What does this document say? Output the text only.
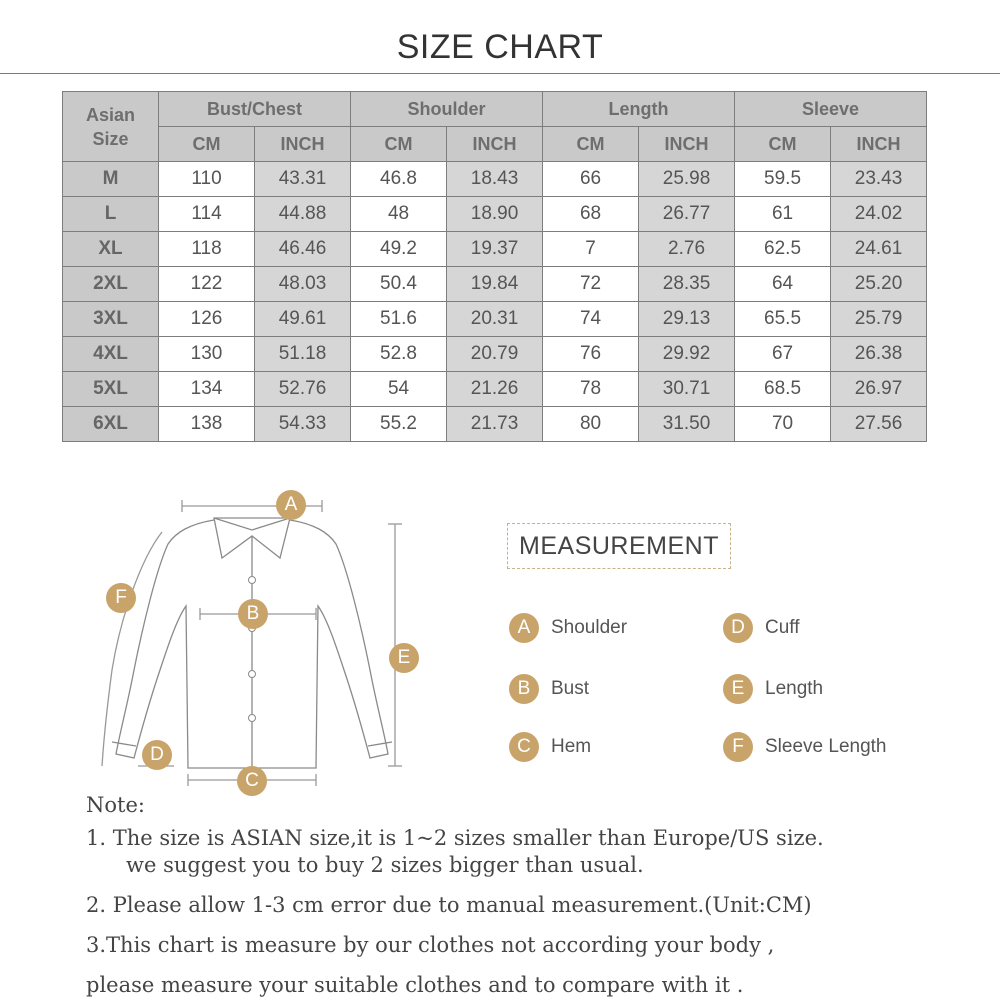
SIZE CHART
Asian
Size	Bust/Chest		Shoulder		Length		Sleeve	
	CM	INCH	CM	INCH	CM	INCH	CM	INCH
M	110	43.31	46.8	18.43	66	25.98	59.5	23.43
L	114	44.88	48	18.90	68	26.77	61	24.02
XL	118	46.46	49.2	19.37	7	2.76	62.5	24.61
2XL	122	48.03	50.4	19.84	72	28.35	64	25.20
3XL	126	49.61	51.6	20.31	74	29.13	65.5	25.79
4XL	130	51.18	52.8	20.79	76	29.92	67	26.38
5XL	134	52.76	54	21.26	78	30.71	68.5	26.97
6XL	138	54.33	55.2	21.73	80	31.50	70	27.56
A
B
C
D
E
F
MEASUREMENT
A	Shoulder
B	Bust
C	Hem
D	Cuff
E	Length
F	Sleeve Length
Note:
1. The size is ASIAN size,it is 1~2 sizes smaller than Europe/US size.
we suggest you to buy 2 sizes bigger than usual.
2. Please allow 1-3 cm error due to manual measurement.(Unit:CM)
3.This chart is measure by our clothes not according your body ,
please measure your suitable clothes and to compare with it .
